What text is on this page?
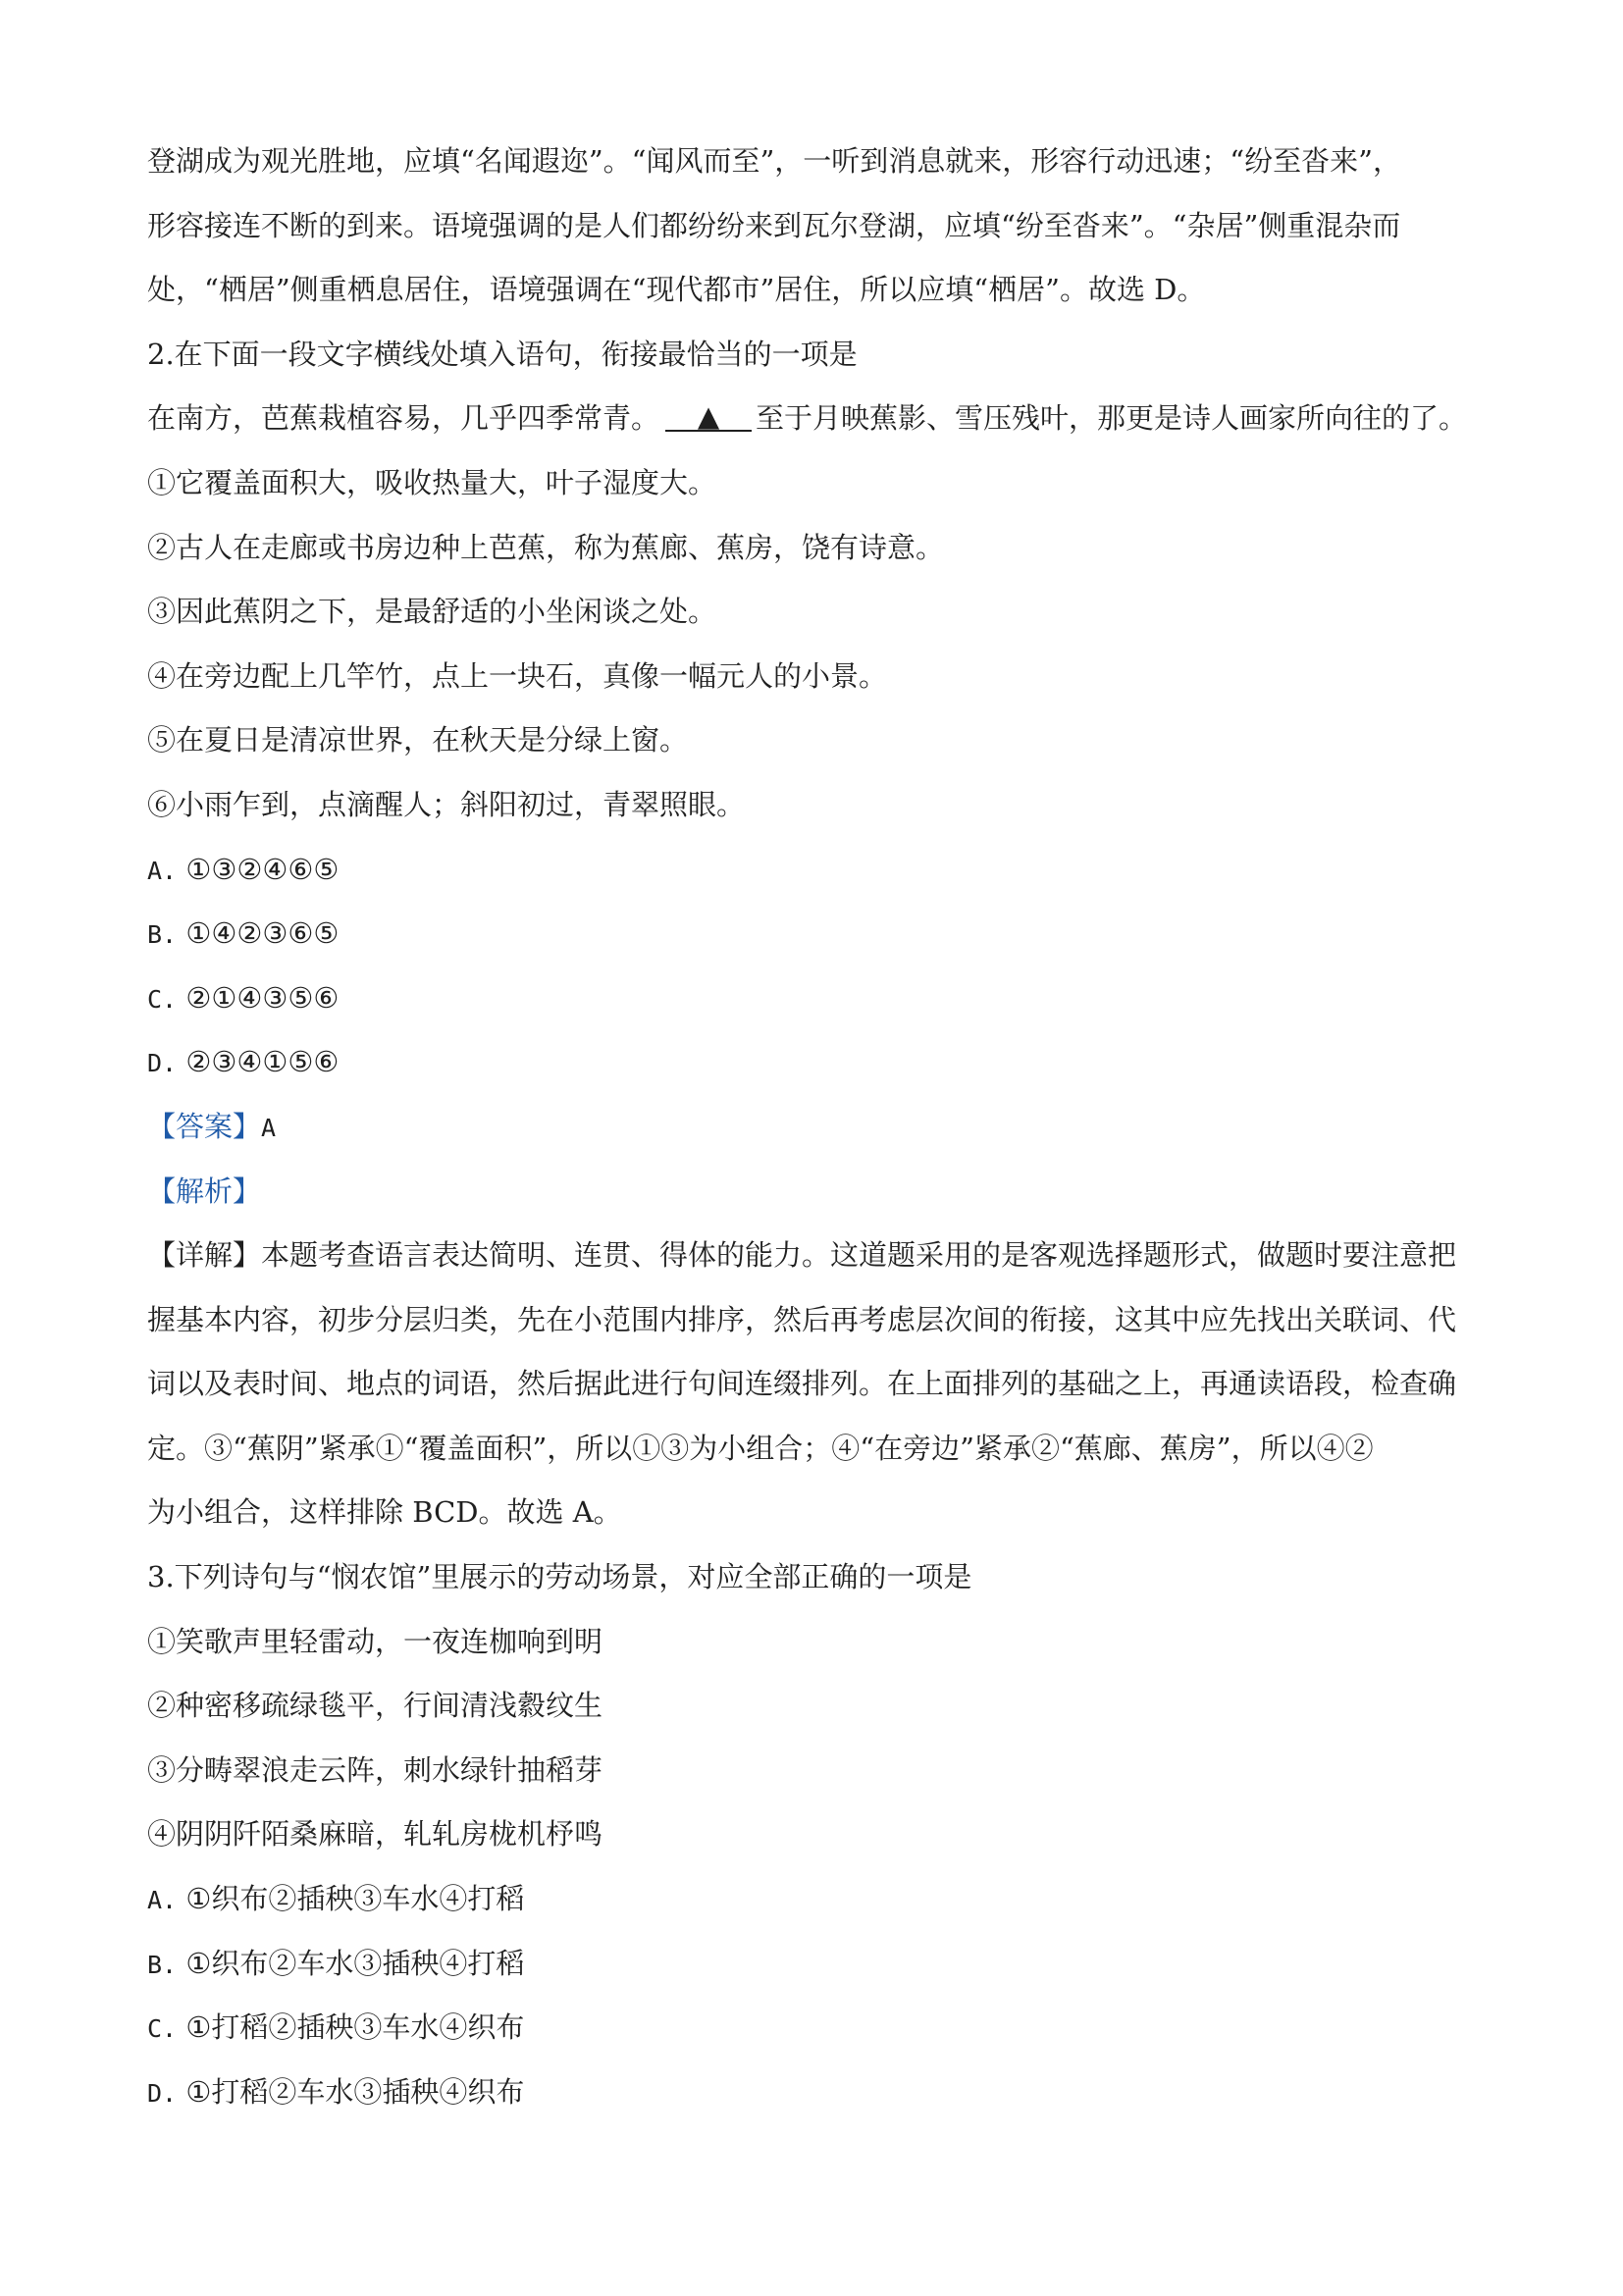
登湖成为观光胜地，应填“名闻遐迩”。“闻风而至”，一听到消息就来，形容行动迅速；“纷至沓来”，
形容接连不断的到来。语境强调的是人们都纷纷来到瓦尔登湖，应填“纷至沓来”。“杂居”侧重混杂而
处，“栖居”侧重栖息居住，语境强调在“现代都市”居住，所以应填“栖居”。故选 D。
2.在下面一段文字横线处填入语句，衔接最恰当的一项是
在南方，芭蕉栽植容易，几乎四季常青。 ▲ 至于月映蕉影、雪压残叶，那更是诗人画家所向往的了。
①它覆盖面积大，吸收热量大，叶子湿度大。
②古人在走廊或书房边种上芭蕉，称为蕉廊、蕉房，饶有诗意。
③因此蕉阴之下，是最舒适的小坐闲谈之处。
④在旁边配上几竿竹，点上一块石，真像一幅元人的小景。
⑤在夏日是清凉世界，在秋天是分绿上窗。
⑥小雨乍到，点滴醒人；斜阳初过，青翠照眼。
A. ①③②④⑥⑤
B. ①④②③⑥⑤
C. ②①④③⑤⑥
D. ②③④①⑤⑥
【答案】A
【解析】
【详解】本题考查语言表达简明、连贯、得体的能力。这道题采用的是客观选择题形式，做题时要注意把
握基本内容，初步分层归类，先在小范围内排序，然后再考虑层次间的衔接，这其中应先找出关联词、代
词以及表时间、地点的词语，然后据此进行句间连缀排列。在上面排列的基础之上，再通读语段，检查确
定。③“蕉阴”紧承①“覆盖面积”，所以①③为小组合；④“在旁边”紧承②“蕉廊、蕉房”，所以④②
为小组合，这样排除 BCD。故选 A。
3.下列诗句与“悯农馆”里展示的劳动场景，对应全部正确的一项是
①笑歌声里轻雷动，一夜连枷响到明
②种密移疏绿毯平，行间清浅縠纹生
③分畴翠浪走云阵，刺水绿针抽稻芽
④阴阴阡陌桑麻暗，轧轧房栊机杼鸣
A. ①织布②插秧③车水④打稻
B. ①织布②车水③插秧④打稻
C. ①打稻②插秧③车水④织布
D. ①打稻②车水③插秧④织布
